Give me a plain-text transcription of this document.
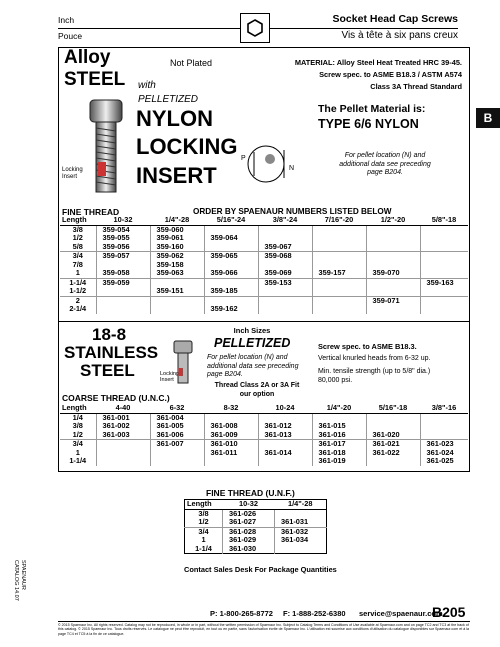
Inch
Pouce
Socket Head Cap Screws
Vis à tête à six pans creux
B
Alloy
STEEL
Not Plated
with
PELLETIZED
NYLON
LOCKING
INSERT
Locking
Insert
MATERIAL: Alloy Steel Heat Treated HRC 39-45.
Screw spec. to ASME B18.3 / ASTM A574
Class 3A Thread Standard
The Pellet Material is:
TYPE 6/6 NYLON
For pellet location (N) and
additional data see preceding
page B204.
P
N
FINE THREAD	ORDER BY SPAENAUR NUMBERS LISTED BELOW
Length	10-32	1/4"-28	5/16"-24	3/8"-24	7/16"-20	1/2"-20	5/8"-18
3/8	359-054	359-060					
1/2	359-055	359-061	359-064				
5/8	359-056	359-160		359-067			
3/4	359-057	359-062	359-065	359-068			
7/8		359-158					
1	359-058	359-063	359-066	359-069	359-157	359-070	
1-1/4	359-059			359-153			359-163
1-1/2		359-151	359-185				
2						359-071	
2-1/4			359-162				
18-8
STAINLESS
STEEL	Locking
Insert
Inch Sizes
PELLETIZED
For pellet location (N) and
additional data see preceding
page B204.
Thread Class 2A or 3A Fit
our option
Screw spec. to ASME B18.3.
Vertical knurled heads from 6-32 up.
Min. tensile strength (up to 5/8" dia.)
80,000 psi.
COARSE THREAD (U.N.C.)
Length	4-40	6-32	8-32	10-24	1/4"-20	5/16"-18	3/8"-16
1/4	361-001	361-004					
3/8	361-002	361-005	361-008	361-012	361-015		
1/2	361-003	361-006	361-009	361-013	361-016	361-020	
3/4		361-007	361-010		361-017	361-021	361-023
1			361-011	361-014	361-018	361-022	361-024
1-1/4					361-019		361-025
FINE THREAD (U.N.F.)
Length	10-32	1/4"-28
3/8	361-026	
1/2	361-027	361-031
3/4	361-028	361-032
1	361-029	361-034
1-1/4	361-030	
Contact Sales Desk For Package Quantities
SPAENAUR
CATALOG 14.07
P: 1-800-265-8772 F: 1-888-252-6380 service@spaenaur.com
B205
© 2015 Spaenaur Inc. All rights reserved. Catalog may not be reproduced, in whole or in part, without the written permission of Spaenaur Inc. Subject to Catalog Terms and Conditions of Use available at Spaenaur.com and on page TC2 and TC3 at the back of this catalog. © 2015 Spaenaur Inc. Tous droits réservés. Le catalogue ne peut être reproduit, en tout ou en partie, sans l'autorisation écrite de Spaenaur Inc. L'utilisation est soumise aux conditions d'utilisation du catalogue disponibles sur Spaenaur.com et à la page TC4 et TC5 à la fin de ce catalogue.
